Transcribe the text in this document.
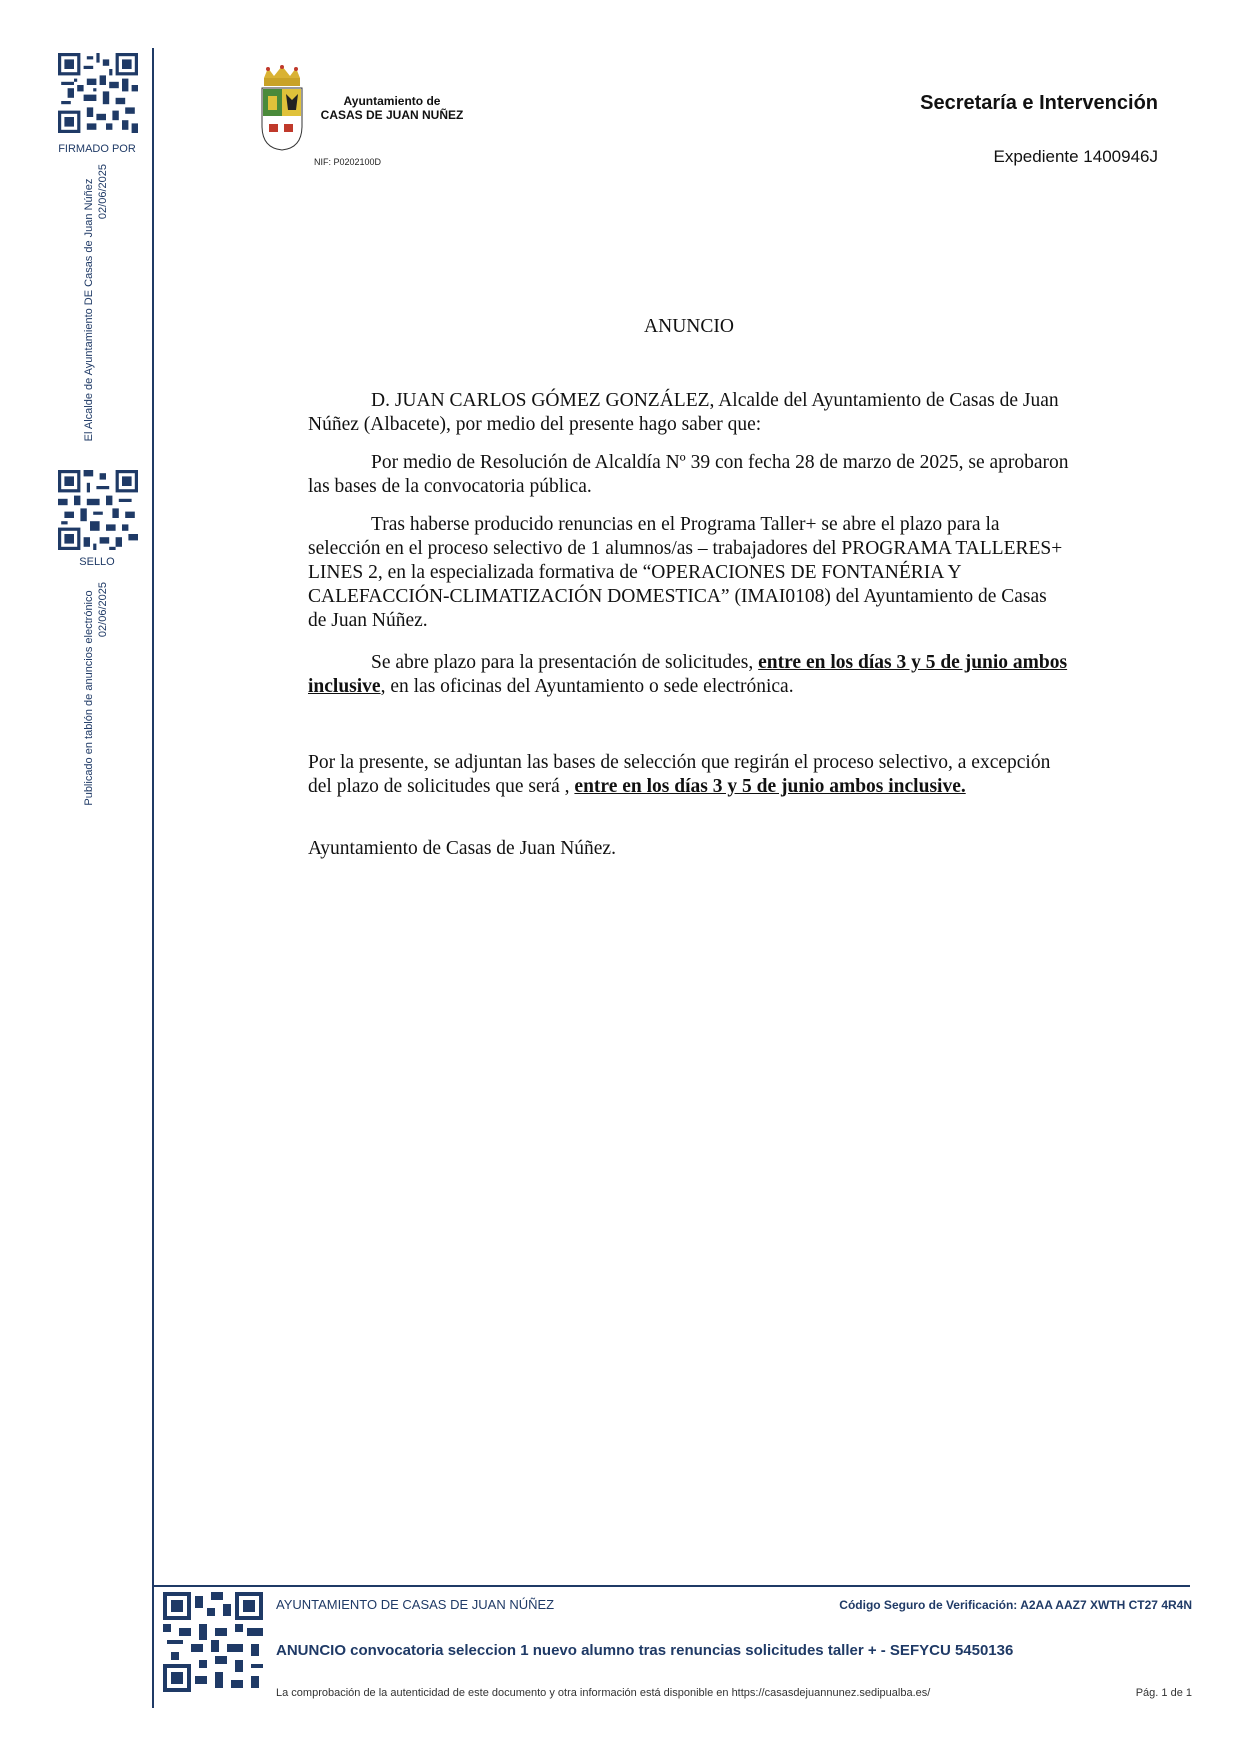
FIRMADO POR
El Alcalde de Ayuntamiento DE Casas de Juan Núñez 02/06/2025
SELLO
Publicado en tablón de anuncios electrónico 02/06/2025
Ayuntamiento de
CASAS DE JUAN NUÑEZ
NIF: P0202100D
Secretaría e Intervención
Expediente 1400946J
ANUNCIO

D. JUAN CARLOS GÓMEZ GONZÁLEZ, Alcalde del Ayuntamiento de Casas de Juan Núñez (Albacete), por medio del presente hago saber que:

Por medio de Resolución de Alcaldía Nº 39 con fecha 28 de marzo de 2025, se aprobaron las bases de la convocatoria pública.

Tras haberse producido renuncias en el Programa Taller+ se abre el plazo para la selección en el proceso selectivo de 1 alumnos/as – trabajadores del PROGRAMA TALLERES+ LINES 2, en la especializada formativa de “OPERACIONES DE FONTANÉRIA Y CALEFACCIÓN-CLIMATIZACIÓN DOMESTICA” (IMAI0108) del Ayuntamiento de Casas de Juan Núñez.

Se abre plazo para la presentación de solicitudes, entre en los días 3 y 5 de junio ambos inclusive, en las oficinas del Ayuntamiento o sede electrónica.

Por la presente, se adjuntan las bases de selección que regirán el proceso selectivo, a excepción del plazo de solicitudes que será , entre en los días 3 y 5 de junio ambos inclusive.

Ayuntamiento de Casas de Juan Núñez.

AYUNTAMIENTO DE CASAS DE JUAN NÚÑEZ	Código Seguro de Verificación: A2AA AAZ7 XWTH CT27 4R4N
ANUNCIO convocatoria seleccion 1 nuevo alumno tras renuncias solicitudes taller + - SEFYCU 5450136
La comprobación de la autenticidad de este documento y otra información está disponible en https://casasdejuannunez.sedipualba.es/	Pág. 1 de 1
